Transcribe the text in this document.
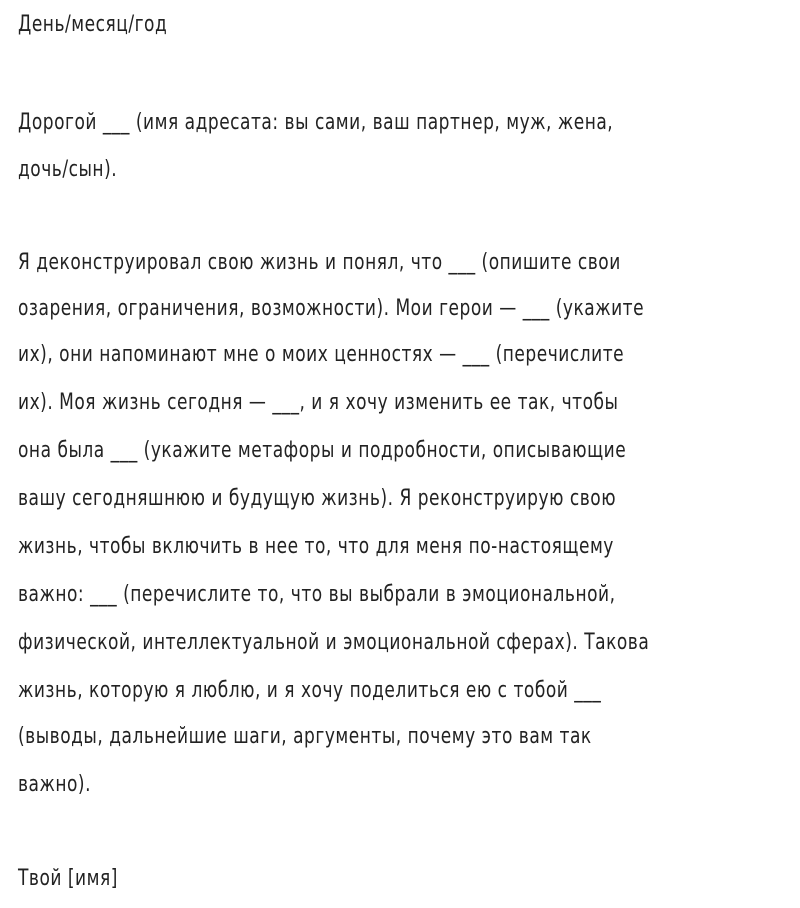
День/месяц/год
Дорогой ___ (имя адресата: вы сами, ваш партнер, муж, жена,
дочь/сын).
Я деконструировал свою жизнь и понял, что ___ (опишите свои
озарения, ограничения, возможности). Мои герои — ___ (укажите
их), они напоминают мне о моих ценностях — ___ (перечислите
их). Моя жизнь сегодня — ___, и я хочу изменить ее так, чтобы
она была ___ (укажите метафоры и подробности, описывающие
вашу сегодняшнюю и будущую жизнь). Я реконструирую свою
жизнь, чтобы включить в нее то, что для меня по-настоящему
важно: ___ (перечислите то, что вы выбрали в эмоциональной,
физической, интеллектуальной и эмоциональной сферах). Такова
жизнь, которую я люблю, и я хочу поделиться ею с тобой ___
(выводы, дальнейшие шаги, аргументы, почему это вам так
важно).
Твой [имя]
